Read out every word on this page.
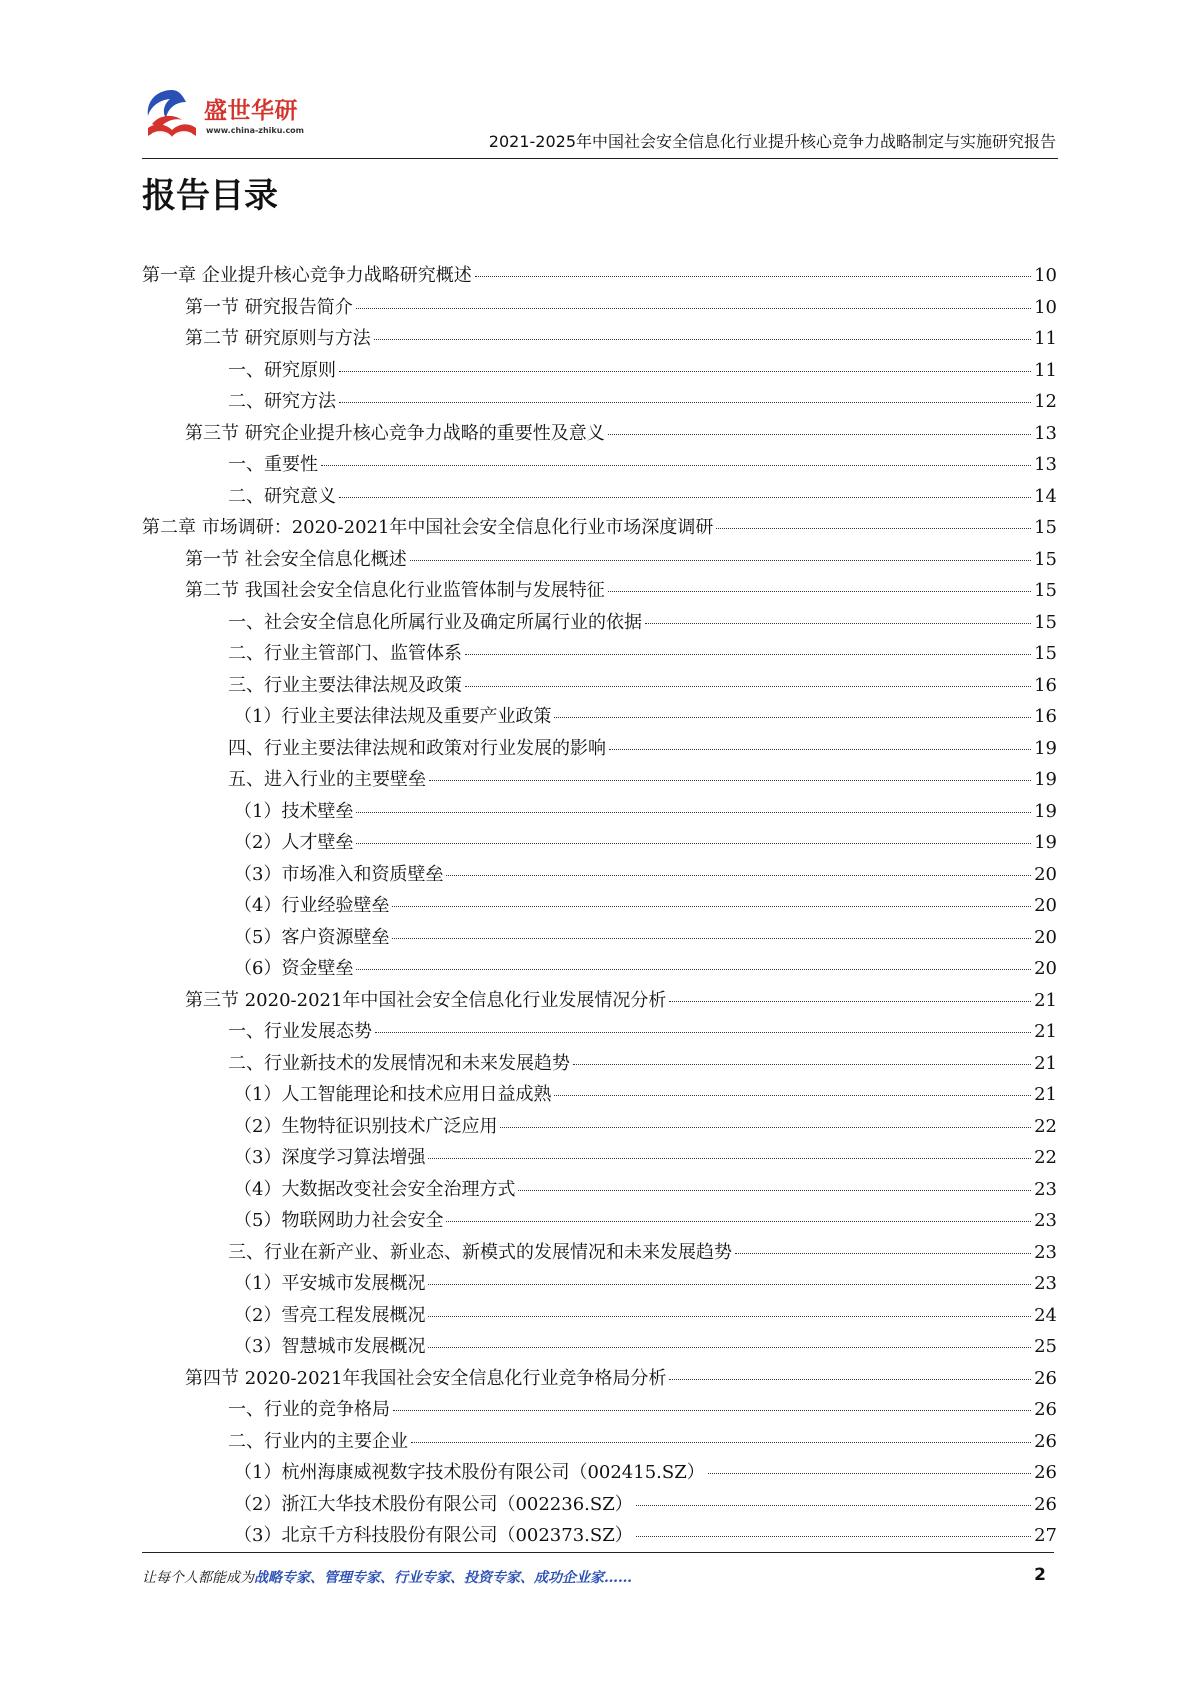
盛世华研
www.china-zhiku.com
2021-2025年中国社会安全信息化行业提升核心竞争力战略制定与实施研究报告
报告目录
第一章 企业提升核心竞争力战略研究概述	10
第一节 研究报告简介	10
第二节 研究原则与方法	11
一、研究原则	11
二、研究方法	12
第三节 研究企业提升核心竞争力战略的重要性及意义	13
一、重要性	13
二、研究意义	14
第二章 市场调研：2020-2021年中国社会安全信息化行业市场深度调研	15
第一节 社会安全信息化概述	15
第二节 我国社会安全信息化行业监管体制与发展特征	15
一、社会安全信息化所属行业及确定所属行业的依据	15
二、行业主管部门、监管体系	15
三、行业主要法律法规及政策	16
（1）行业主要法律法规及重要产业政策	16
四、行业主要法律法规和政策对行业发展的影响	19
五、进入行业的主要壁垒	19
（1）技术壁垒	19
（2）人才壁垒	19
（3）市场准入和资质壁垒	20
（4）行业经验壁垒	20
（5）客户资源壁垒	20
（6）资金壁垒	20
第三节 2020-2021年中国社会安全信息化行业发展情况分析	21
一、行业发展态势	21
二、行业新技术的发展情况和未来发展趋势	21
（1）人工智能理论和技术应用日益成熟	21
（2）生物特征识别技术广泛应用	22
（3）深度学习算法增强	22
（4）大数据改变社会安全治理方式	23
（5）物联网助力社会安全	23
三、行业在新产业、新业态、新模式的发展情况和未来发展趋势	23
（1）平安城市发展概况	23
（2）雪亮工程发展概况	24
（3）智慧城市发展概况	25
第四节 2020-2021年我国社会安全信息化行业竞争格局分析	26
一、行业的竞争格局	26
二、行业内的主要企业	26
（1）杭州海康威视数字技术股份有限公司（002415.SZ）	26
（2）浙江大华技术股份有限公司（002236.SZ）	26
（3）北京千方科技股份有限公司（002373.SZ）	27
让每个人都能成为战略专家、管理专家、行业专家、投资专家、成功企业家……	2
